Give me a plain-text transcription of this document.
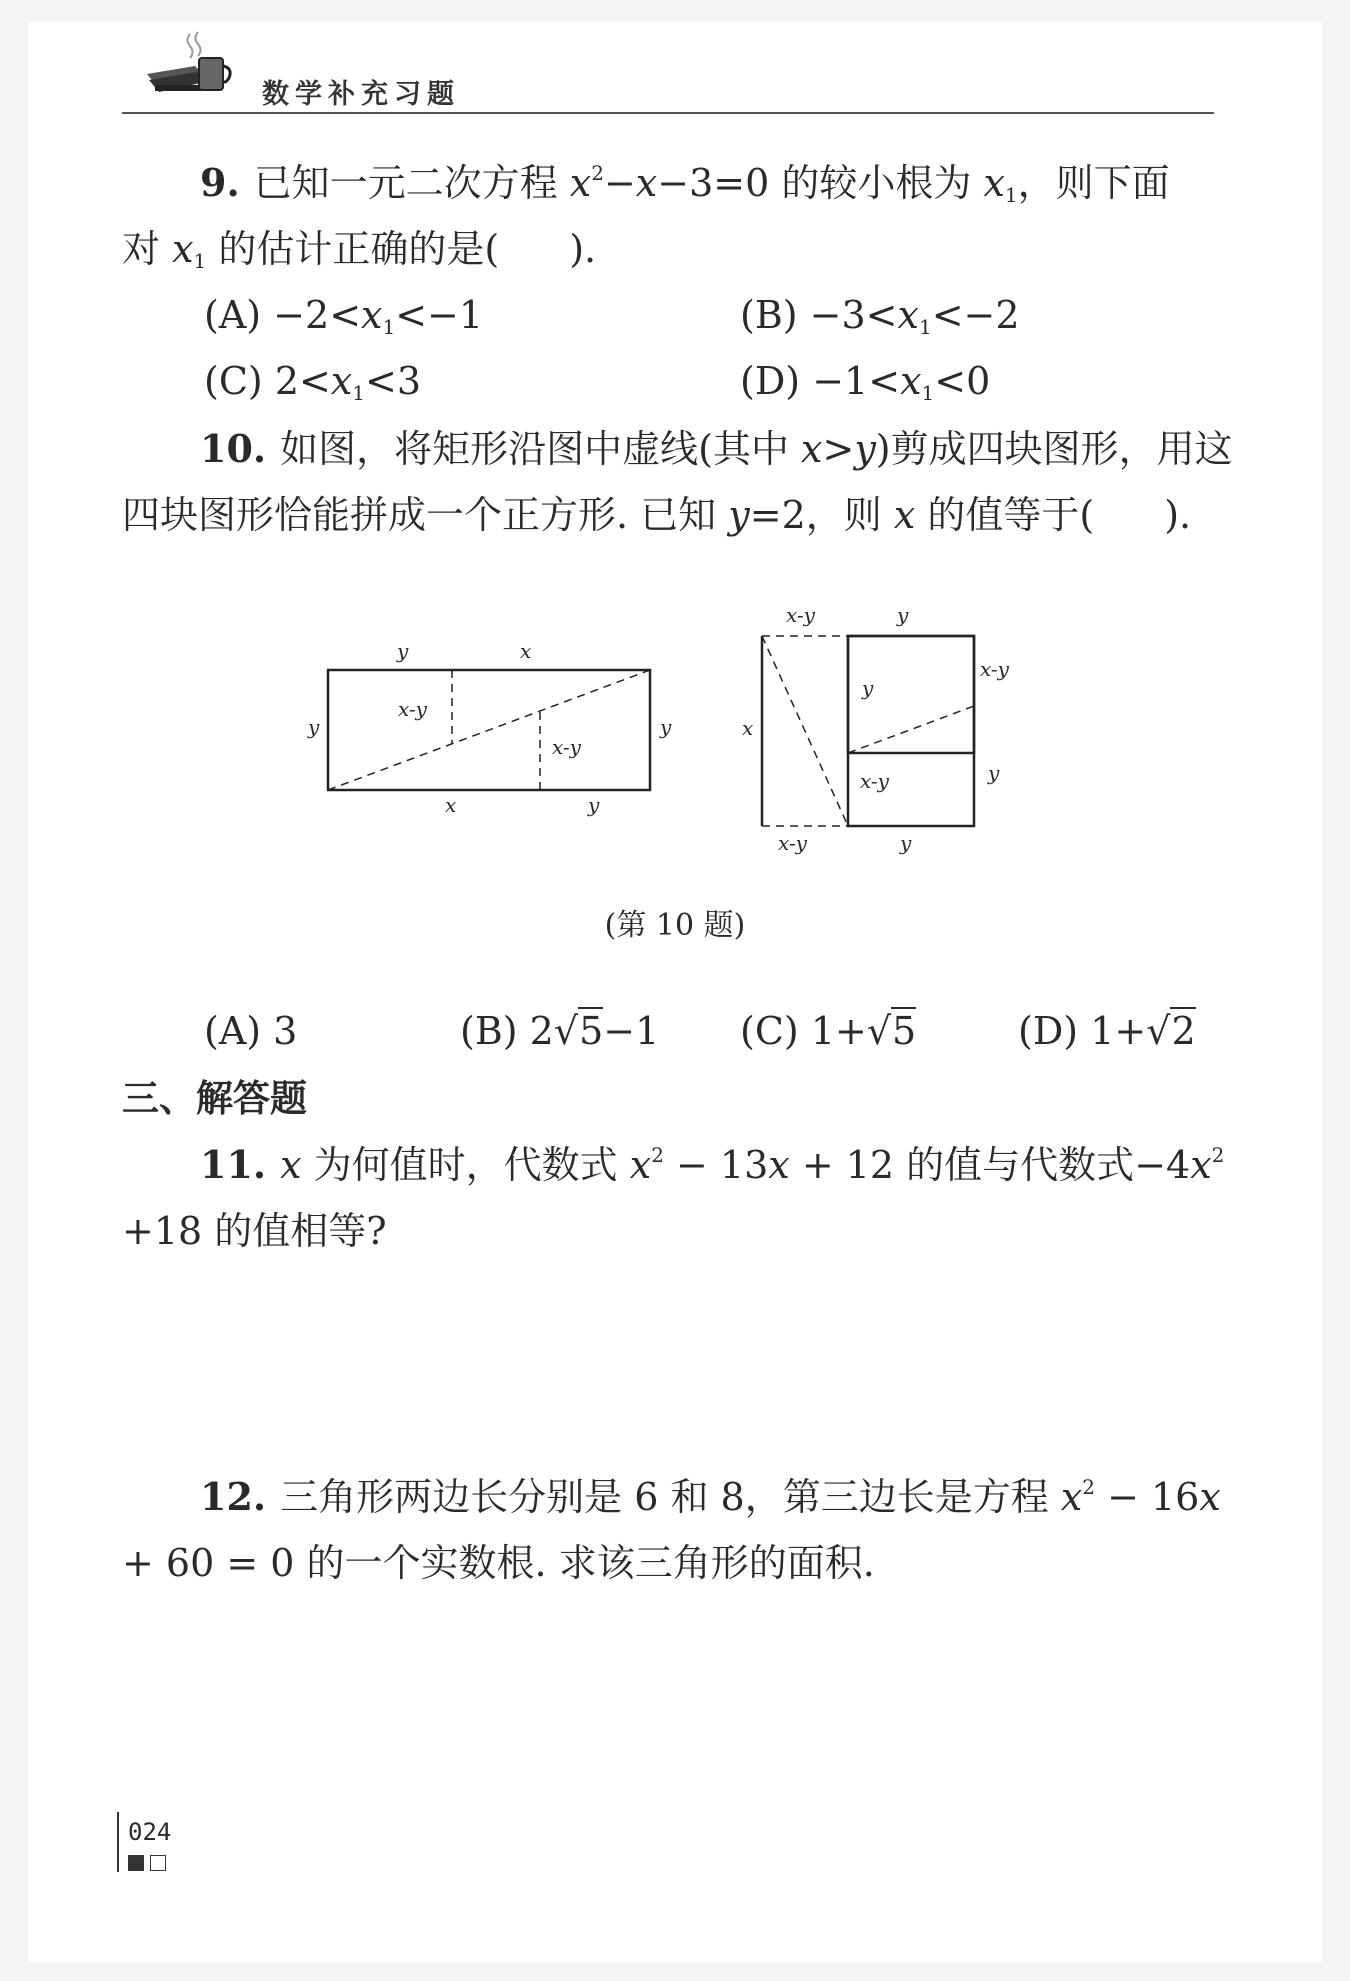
数学补充习题
9. 已知一元二次方程 $x^2-x-3=0$ 的较小根为 $x_1$，则下面
对 $x_1$ 的估计正确的是( ).
$(A) -2<x_1<-1$	$(B) -3<x_1<-2$
(C) $2<x_1<3$	$(D) -1<x_1<0$
10. 如图，将矩形沿图中虚线(其中 x>y)剪成四块图形，用这
四块图形恰能拼成一个正方形. 已知 y=2，则 x 的值等于( ).
y	x
y
x-y
x-y
y
x	y
x-y	y
x-y
x
y
x-y	y
x-y	y
(第 10 题)
(A) 3	(B) 2√5−1 (C) 1+√5	(D) 1+√2
三、解答题
11. x 为何值时，代数式 $x^2 - 13x + 12$ 的值与代数式$-4x^2$
+18 的值相等?
12. 三角形两边长分别是 6 和 8，第三边长是方程 $x^2 - 16x$
+ 60 = 0 的一个实数根. 求该三角形的面积.
024
